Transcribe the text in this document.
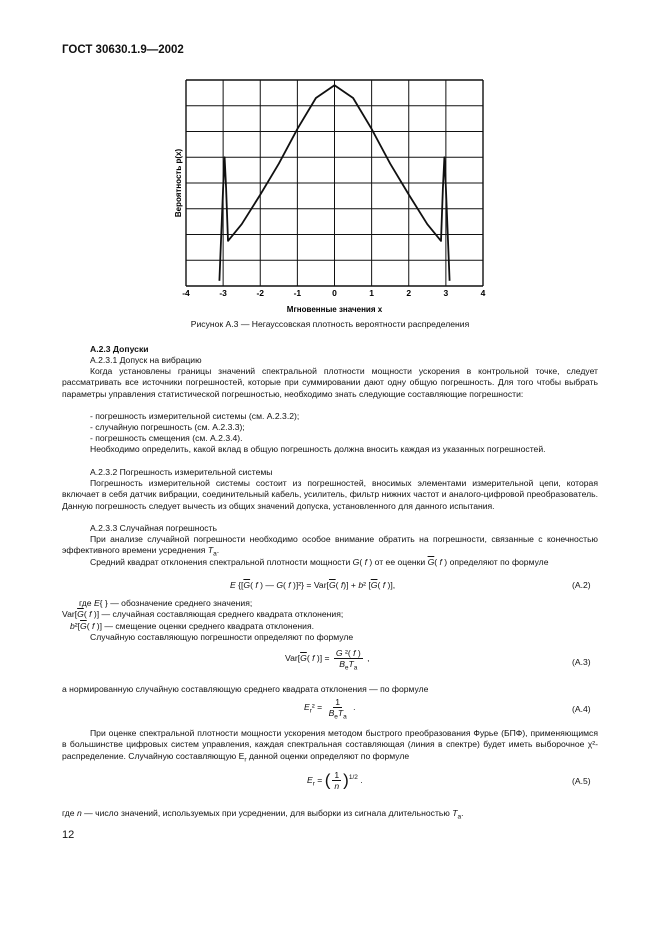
ГОСТ 30630.1.9—2002
-4	-3	-2	-1	0	1	2	3	4
Вероятность p(x)
Мгновенные значения x
Рисунок А.3 — Негауссовская плотность вероятности распределения
А.2.3 Допуски
А.2.3.1 Допуск на вибрацию
Когда установлены границы значений спектральной плотности мощности ускорения в контрольной точке, следует рассматривать все источники погрешностей, которые при суммировании дают одну общую погрешность. Для того чтобы выбрать параметры управления статистической погрешностью, необходимо знать следующие составляющие погрешности:
- погрешность измерительной системы (см. А.2.3.2);
- случайную погрешность (см. А.2.3.3);
- погрешность смещения (см. А.2.3.4).
Необходимо определить, какой вклад в общую погрешность должна вносить каждая из указанных погрешностей.
А.2.3.2 Погрешность измерительной системы
Погрешность измерительной системы состоит из погрешностей, вносимых элементами измерительной цепи, которая включает в себя датчик вибрации, соединительный кабель, усилитель, фильтр нижних частот и аналого-цифровой преобразователь. Данную погрешность следует вычесть из общих значений допуска, установленного для данного испытания.
А.2.3.3 Случайная погрешность
При анализе случайной погрешности необходимо особое внимание обратить на погрешности, связанные с конечностью эффективного времени усреднения $T_a$.
Средний квадрат отклонения спектральной плотности мощности G( f ) от ее оценки $\overline{G}$( f ) определяют по формуле
E {[$\overline{G}$( f ) — G( f )]$^2\} = Var[\overline{G}$( f)] + b² [$\overline{G}$( f )],	(А.2)
где E{ } — обозначение среднего значения;
$Var[\overline{G}$( f )] — случайная составляющая среднего квадрата отклонения;
$b^2[\overline{G}$( f )] — смещение оценки среднего квадрата отклонения.
Случайную составляющую погрешности определяют по формуле
$Var[\overline{G}$( f )] = $\frac{\text{G ²( f )}}{B_eT_a}$ ,	(А.3)
а нормированную случайную составляющую среднего квадрата отклонения — по формуле
$E_r^2 = \frac{1}{B_eT_a}$ .	(А.4)
При оценке спектральной плотности мощности ускорения методом быстрого преобразования Фурье (БПФ), применяющимся в большинстве цифровых систем управления, каждая спектральная составляющая (линия в спектре) будет иметь выборочное χ²-распределение. Случайную составляющую $E_r$ данной оценки определяют по формуле
$E_r$ = ( $\frac{1}{n} )^{1/2}$ .	(А.5)
где n — число значений, используемых при усреднении, для выборки из сигнала длительностью $T_a$.
12
